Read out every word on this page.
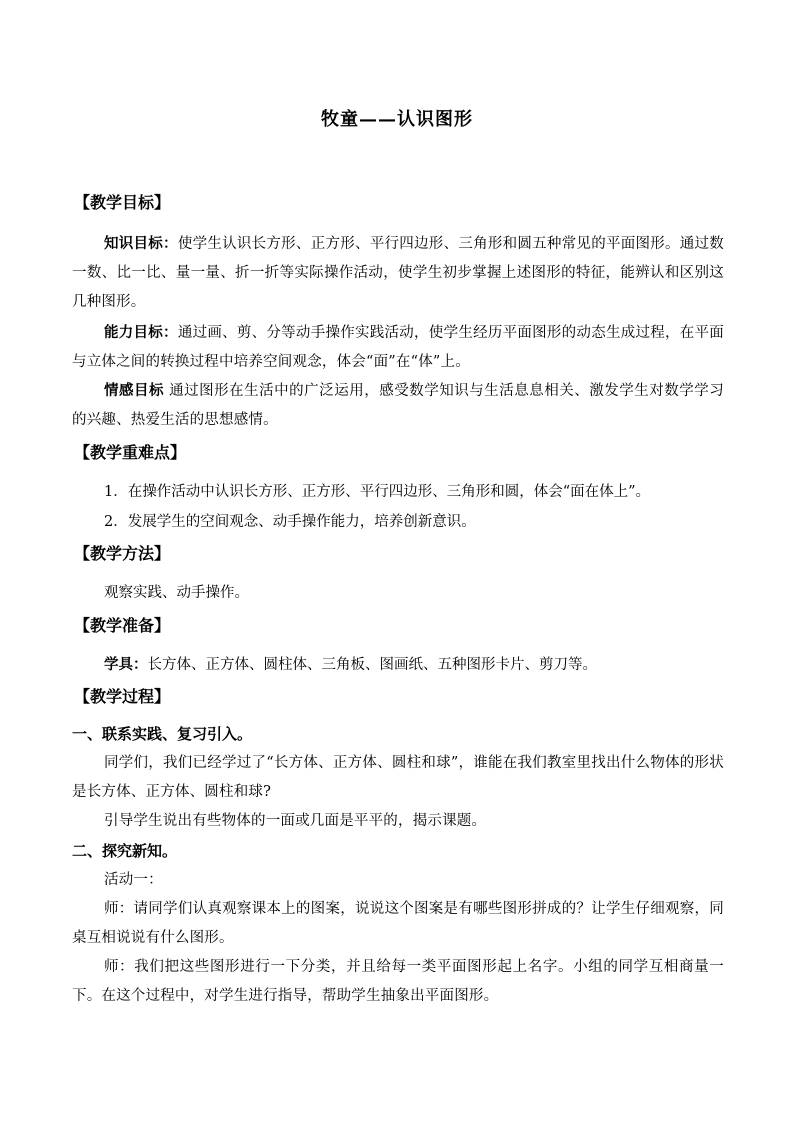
牧童——认识图形
【教学目标】
知识目标：使学生认识长方形、正方形、平行四边形、三角形和圆五种常见的平面图形。通过数一数、比一比、量一量、折一折等实际操作活动，使学生初步掌握上述图形的特征，能辨认和区别这几种图形。
能力目标：通过画、剪、分等动手操作实践活动，使学生经历平面图形的动态生成过程，在平面与立体之间的转换过程中培养空间观念，体会“面”在“体”上。
情感目标 通过图形在生活中的广泛运用，感受数学知识与生活息息相关、激发学生对数学学习的兴趣、热爱生活的思想感情。
【教学重难点】
1．在操作活动中认识长方形、正方形、平行四边形、三角形和圆，体会“面在体上”。
2．发展学生的空间观念、动手操作能力，培养创新意识。
【教学方法】
观察实践、动手操作。
【教学准备】
学具：长方体、正方体、圆柱体、三角板、图画纸、五种图形卡片、剪刀等。
【教学过程】
一、联系实践、复习引入。
同学们，我们已经学过了“长方体、正方体、圆柱和球”，谁能在我们教室里找出什么物体的形状是长方体、正方体、圆柱和球?
引导学生说出有些物体的一面或几面是平平的，揭示课题。
二、探究新知。
活动一：
师：请同学们认真观察课本上的图案，说说这个图案是有哪些图形拼成的？让学生仔细观察，同桌互相说说有什么图形。
师：我们把这些图形进行一下分类，并且给每一类平面图形起上名字。小组的同学互相商量一下。在这个过程中，对学生进行指导，帮助学生抽象出平面图形。
